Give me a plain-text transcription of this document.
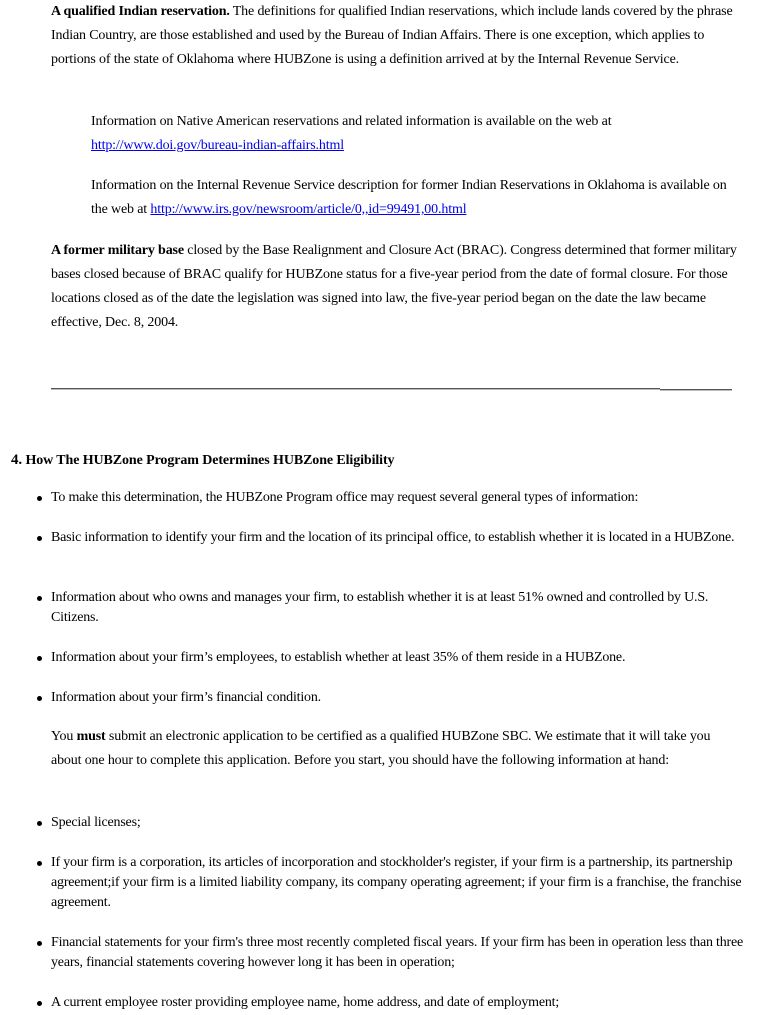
A qualified Indian reservation. The definitions for qualified Indian reservations, which include lands covered by the phrase Indian Country, are those established and used by the Bureau of Indian Affairs. There is one exception, which applies to portions of the state of Oklahoma where HUBZone is using a definition arrived at by the Internal Revenue Service.

Information on Native American reservations and related information is available on the web at http://www.doi.gov/bureau-indian-affairs.html

Information on the Internal Revenue Service description for former Indian Reservations in Oklahoma is available on the web at http://www.irs.gov/newsroom/article/0,,id=99491,00.html

A former military base closed by the Base Realignment and Closure Act (BRAC). Congress determined that former military bases closed because of BRAC qualify for HUBZone status for a five-year period from the date of formal closure. For those locations closed as of the date the legislation was signed into law, the five-year period began on the date the law became effective, Dec. 8, 2004.

4. How The HUBZone Program Determines HUBZone Eligibility
To make this determination, the HUBZone Program office may request several general types of information:
Basic information to identify your firm and the location of its principal office, to establish whether it is located in a HUBZone.
Information about who owns and manages your firm, to establish whether it is at least 51% owned and controlled by U.S. Citizens.
Information about your firm’s employees, to establish whether at least 35% of them reside in a HUBZone.
Information about your firm’s financial condition.

You must submit an electronic application to be certified as a qualified HUBZone SBC. We estimate that it will take you about one hour to complete this application. Before you start, you should have the following information at hand:

Special licenses;
If your firm is a corporation, its articles of incorporation and stockholder's register, if your firm is a partnership, its partnership agreement;if your firm is a limited liability company, its company operating agreement; if your firm is a franchise, the franchise agreement.
Financial statements for your firm's three most recently completed fiscal years. If your firm has been in operation less than three years, financial statements covering however long it has been in operation;
A current employee roster providing employee name, home address, and date of employment;
